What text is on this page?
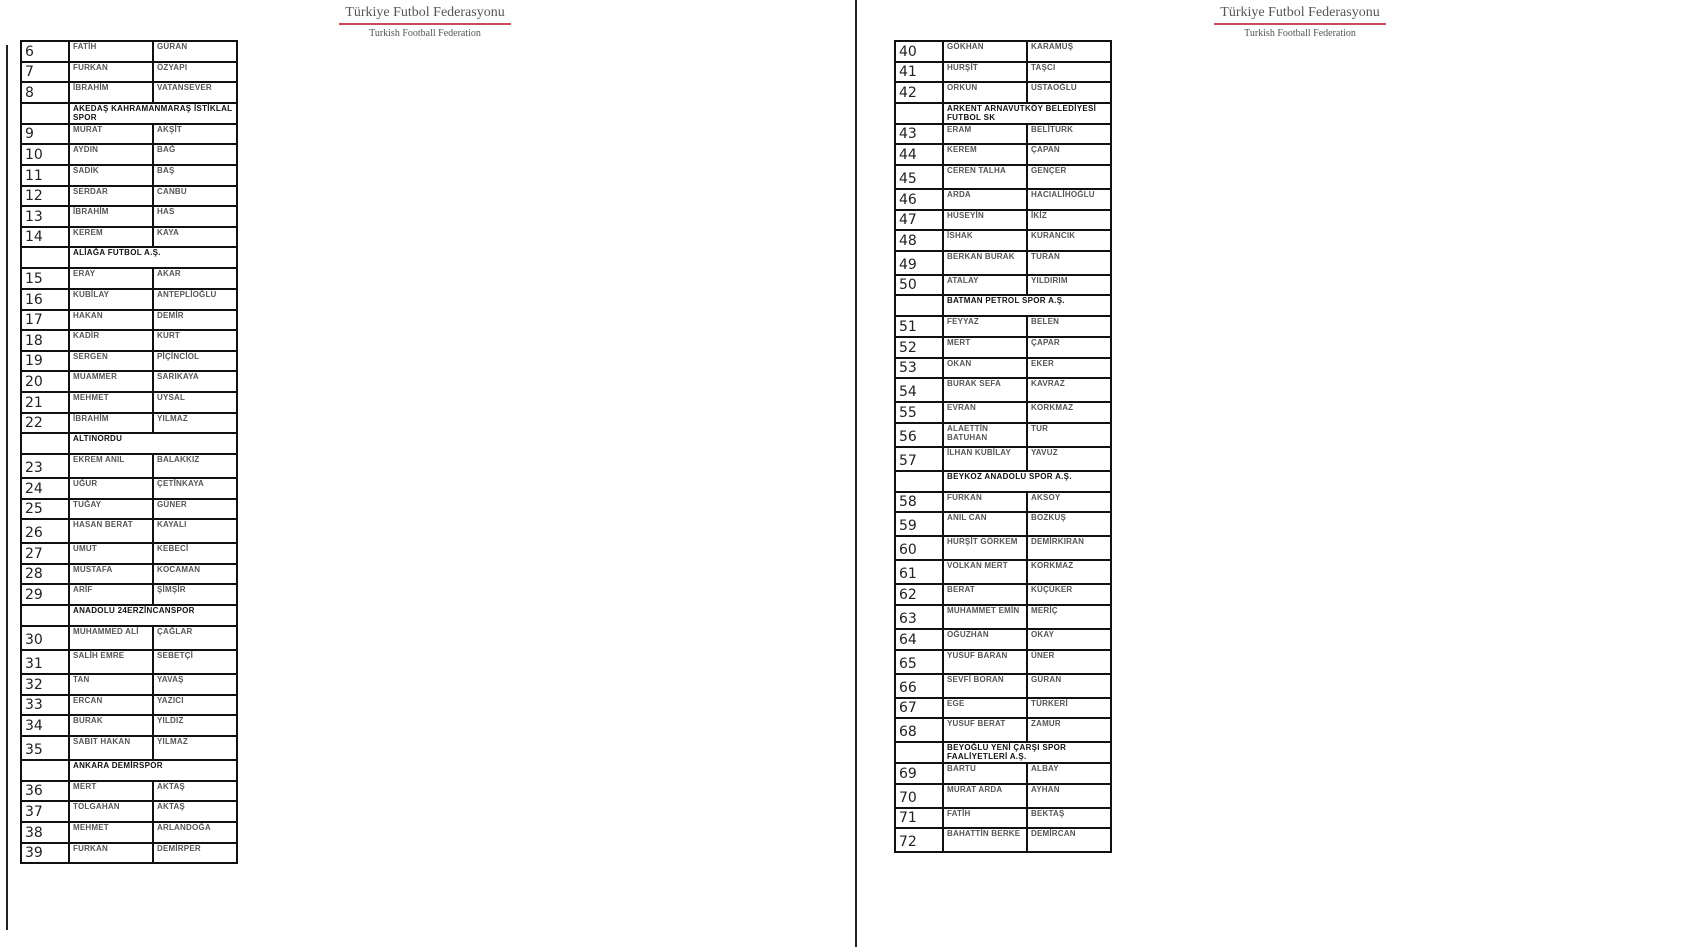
Türkiye Futbol Federasyonu
Turkish Football Federation
6	FATİH	GÜRAN
7	FURKAN	ÖZYAPI
8	İBRAHİM	VATANSEVER
	AKEDAŞ KAHRAMANMARAŞ İSTİKLAL SPOR	
9	MURAT	AKŞİT
10	AYDIN	BAĞ
11	SADIK	BAŞ
12	SERDAR	CANBU
13	İBRAHİM	HAS
14	KEREM	KAYA
	ALİAĞA FUTBOL A.Ş.	
15	ERAY	AKAR
16	KUBİLAY	ANTEPLİOĞLU
17	HAKAN	DEMİR
18	KADİR	KURT
19	SERGEN	PİÇİNCİOL
20	MUAMMER	SARIKAYA
21	MEHMET	UYSAL
22	İBRAHİM	YILMAZ
	ALTINORDU	
23	EKREM ANIL	BALAKKIZ
24	UĞUR	ÇETİNKAYA
25	TUĞAY	GÜNER
26	HASAN BERAT	KAYALI
27	UMUT	KEBECİ
28	MUSTAFA	KOCAMAN
29	ARİF	ŞİMŞİR
	ANADOLU 24ERZİNCANSPOR	
30	MUHAMMED ALİ	ÇAĞLAR
31	SALİH EMRE	SEBETÇİ
32	TAN	YAVAŞ
33	ERCAN	YAZICI
34	BURAK	YILDIZ
35	SABIT HAKAN	YILMAZ
	ANKARA DEMİRSPOR	
36	MERT	AKTAŞ
37	TOLGAHAN	AKTAŞ
38	MEHMET	ARLANDOĞA
39	FURKAN	DEMİRPER
Türkiye Futbol Federasyonu
Turkish Football Federation
40	GÖKHAN	KARAMUŞ
41	HURŞİT	TAŞCI
42	ORKUN	USTAOĞLU
	ARKENT ARNAVUTKÖY BELEDİYESİ FUTBOL SK	
43	ERAM	BELİTURK
44	KEREM	ÇAPAN
45	CEREN TALHA	GENÇER
46	ARDA	HACIALİHOĞLU
47	HÜSEYİN	İKİZ
48	İSHAK	KURANCIK
49	BERKAN BURAK	TURAN
50	ATALAY	YILDIRIM
	BATMAN PETROL SPOR A.Ş.	
51	FEYYAZ	BELEN
52	MERT	ÇAPAR
53	OKAN	EKER
54	BURAK SEFA	KAVRAZ
55	EVRAN	KORKMAZ
56	ALAETTİN BATUHAN	TUR
57	İLHAN KUBİLAY	YAVUZ
	BEYKOZ ANADOLU SPOR A.Ş.	
58	FURKAN	AKSOY
59	ANIL CAN	BOZKUŞ
60	HURŞİT GÖRKEM	DEMİRKIRAN
61	VOLKAN MERT	KORKMAZ
62	BERAT	KÜÇÜKER
63	MUHAMMET EMİN	MERİÇ
64	OĞUZHAN	OKAY
65	YUSUF BARAN	ÜNER
66	SEVFİ BORAN	GÜRAN
67	EGE	TÜRKERİ
68	YUSUF BERAT	ZAMUR
	BEYOĞLU YENİ ÇARŞI SPOR FAALİYETLERİ A.Ş.	
69	BARTU	ALBAY
70	MURAT ARDA	AYHAN
71	FATİH	BEKTAŞ
72	BAHATTİN BERKE	DEMİRCAN
